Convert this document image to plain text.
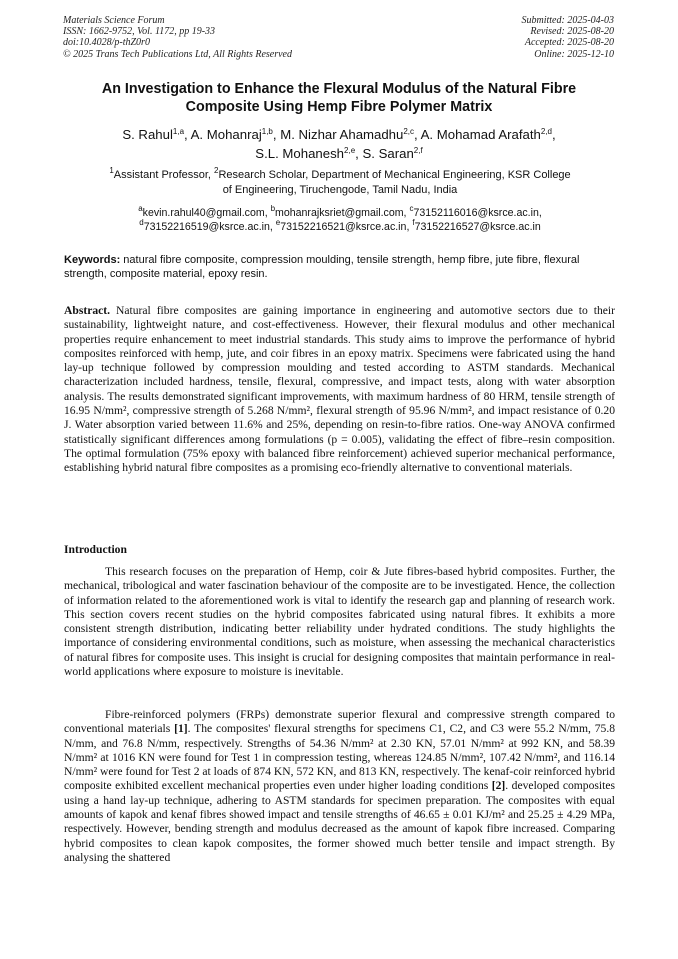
Materials Science Forum
ISSN: 1662-9752, Vol. 1172, pp 19-33
doi:10.4028/p-thZ0r0
© 2025 Trans Tech Publications Ltd, All Rights Reserved
Submitted: 2025-04-03
Revised: 2025-08-20
Accepted: 2025-08-20
Online: 2025-12-10
An Investigation to Enhance the Flexural Modulus of the Natural Fibre
Composite Using Hemp Fibre Polymer Matrix
S. Rahul$^{1,a}$, A. Mohanraj$^{1,b}$, M. Nizhar Ahamadhu$^{2,c}$, A. Mohamad Arafath$^{2,d}$,
S.L. Mohanesh$^{2,e}$, S. Saran$^{2,f}$
$^1$Assistant Professor, $^2$Research Scholar, Department of Mechanical Engineering, KSR College
of Engineering, Tiruchengode, Tamil Nadu, India
$^a$kevin.rahul40@gmail.com, $^b$mohanrajksriet@gmail.com, $^c$73152116016@ksrce.ac.in,
$^d$73152216519@ksrce.ac.in, $^e$73152216521@ksrce.ac.in, $^f$73152216527@ksrce.ac.in
Keywords: natural fibre composite, compression moulding, tensile strength, hemp fibre, jute fibre, flexural strength, composite material, epoxy resin.
Abstract. Natural fibre composites are gaining importance in engineering and automotive sectors due to their sustainability, lightweight nature, and cost-effectiveness. However, their flexural modulus and other mechanical properties require enhancement to meet industrial standards. This study aims to improve the performance of hybrid composites reinforced with hemp, jute, and coir fibres in an epoxy matrix. Specimens were fabricated using the hand lay-up technique followed by compression moulding and tested according to ASTM standards. Mechanical characterization included hardness, tensile, flexural, compressive, and impact tests, along with water absorption analysis. The results demonstrated significant improvements, with maximum hardness of 80 HRM, tensile strength of 16.95 N/mm², compressive strength of 5.268 N/mm², flexural strength of 95.96 N/mm², and impact resistance of 0.20 J. Water absorption varied between 11.6% and 25%, depending on resin-to-fibre ratios. One-way ANOVA confirmed statistically significant differences among formulations (p = 0.005), validating the effect of fibre–resin composition. The optimal formulation (75% epoxy with balanced fibre reinforcement) achieved superior mechanical performance, establishing hybrid natural fibre composites as a promising eco-friendly alternative to conventional materials.
Introduction

This research focuses on the preparation of Hemp, coir & Jute fibres-based hybrid composites. Further, the mechanical, tribological and water fascination behaviour of the composite are to be investigated. Hence, the collection of information related to the aforementioned work is vital to identify the research gap and planning of research work. This section covers recent studies on the hybrid composites fabricated using natural fibres. It exhibits a more consistent strength distribution, indicating better reliability under hydrated conditions. The study highlights the importance of considering environmental conditions, such as moisture, when assessing the mechanical characteristics of natural fibres for composite uses. This insight is crucial for designing composites that maintain performance in real-world applications where exposure to moisture is inevitable.

Fibre-reinforced polymers (FRPs) demonstrate superior flexural and compressive strength compared to conventional materials [1]. The composites' flexural strengths for specimens C1, C2, and C3 were 55.2 N/mm, 75.8 N/mm, and 76.8 N/mm, respectively. Strengths of 54.36 N/mm² at 2.30 KN, 57.01 N/mm² at 992 KN, and 58.39 N/mm² at 1016 KN were found for Test 1 in compression testing, whereas 124.85 N/mm², 107.42 N/mm², and 116.14 N/mm² were found for Test 2 at loads of 874 KN, 572 KN, and 813 KN, respectively. The kenaf-coir reinforced hybrid composite exhibited excellent mechanical properties even under higher loading conditions [2]. developed composites using a hand lay-up technique, adhering to ASTM standards for specimen preparation. The composites with equal amounts of kapok and kenaf fibres showed impact and tensile strengths of 46.65 ± 0.01 KJ/m² and 25.25 ± 4.29 MPa, respectively. However, bending strength and modulus decreased as the amount of kapok fibre increased. Comparing hybrid composites to clean kapok composites, the former showed much better tensile and impact strength. By analysing the shattered
